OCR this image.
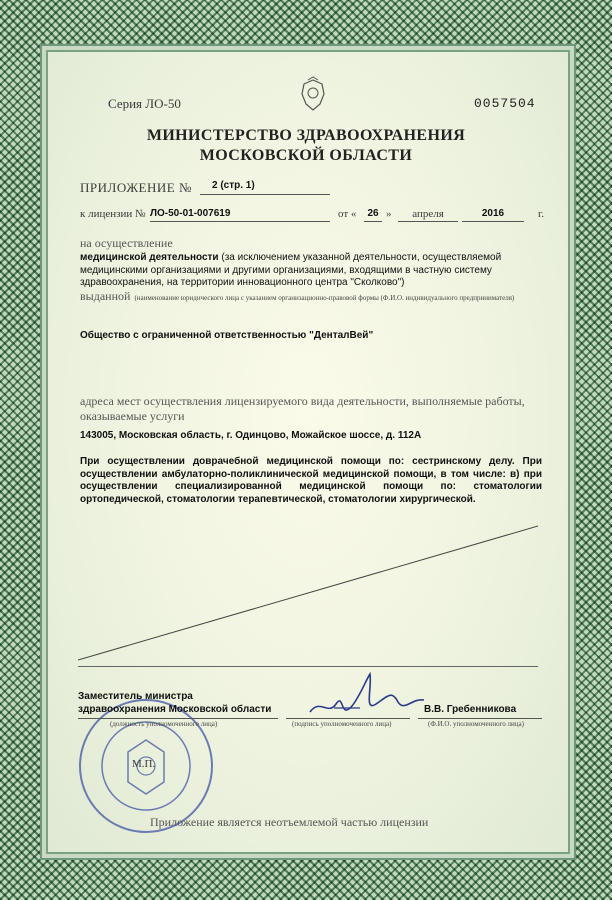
Серия ЛО-50	0057504
МИНИСТЕРСТВО ЗДРАВООХРАНЕНИЯ
МОСКОВСКОЙ ОБЛАСТИ
ПРИЛОЖЕНИЕ №	2 (стр. 1)
к лицензии № ЛО-50-01-007619	от «	26 »	апреля	2016	г.
на осуществление
медицинской деятельности (за исключением указанной деятельности, осуществляемой медицинскими организациями и другими организациями, входящими в частную систему здравоохранения, на территории инновационного центра "Сколково")
выданной (наименование юридического лица с указанием организационно-правовой формы (Ф.И.О. индивидуального предпринимателя)
Общество с ограниченной ответственностью "ДенталВей"
адреса мест осуществления лицензируемого вида деятельности, выполняемые работы, оказываемые услуги
143005, Московская область, г. Одинцово, Можайское шоссе, д. 112А
При осуществлении доврачебной медицинской помощи по: сестринскому делу. При осуществлении амбулаторно-поликлинической медицинской помощи, в том числе: в) при осуществлении специализированной медицинской помощи по: стоматологии ортопедической, стоматологии терапевтической, стоматологии хирургической.
М.П.
Заместитель министра
здравоохранения Московской области
(должность уполномоченного лица)	(подпись уполномоченного лица)
В.В. Гребенникова
(Ф.И.О. уполномоченного лица)
Приложение является неотъемлемой частью лицензии
